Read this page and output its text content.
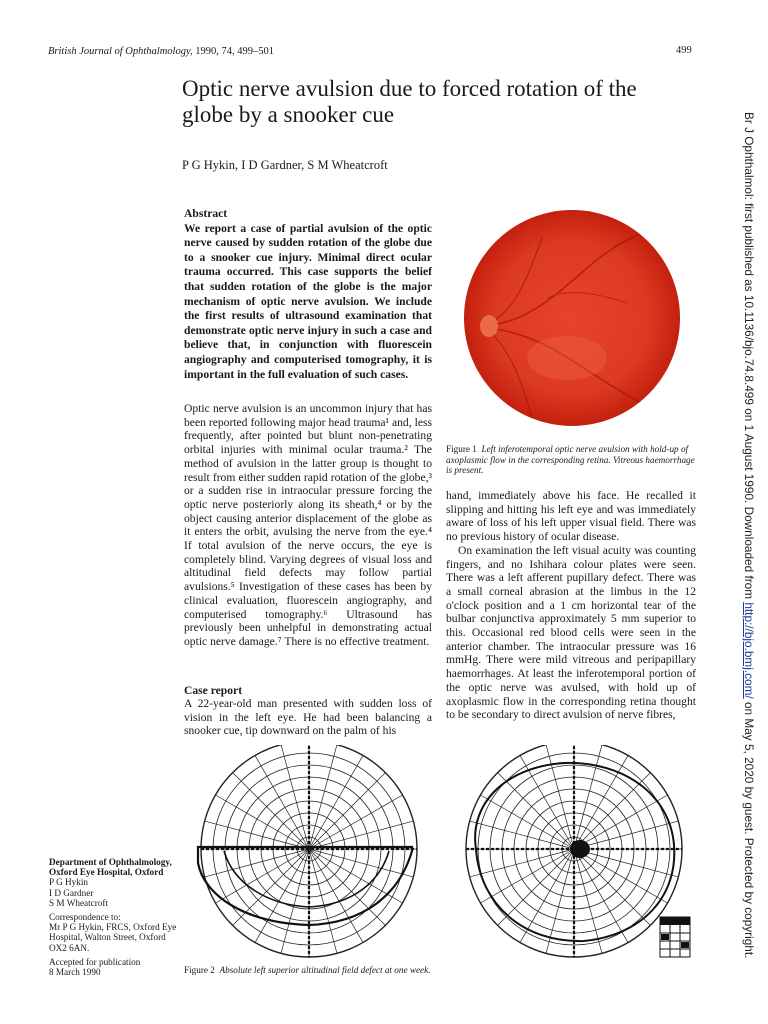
British Journal of Ophthalmology, 1990, 74, 499–501	499
Optic nerve avulsion due to forced rotation of the globe by a snooker cue
P G Hykin, I D Gardner, S M Wheatcroft
Abstract
We report a case of partial avulsion of the optic nerve caused by sudden rotation of the globe due to a snooker cue injury. Minimal direct ocular trauma occurred. This case supports the belief that sudden rotation of the globe is the major mechanism of optic nerve avulsion. We include the first results of ultrasound examination that demonstrate optic nerve injury in such a case and believe that, in conjunction with fluorescein angiography and computerised tomography, it is important in the full evaluation of such cases.

Optic nerve avulsion is an uncommon injury that has been reported following major head trauma¹ and, less frequently, after pointed but blunt non-penetrating orbital injuries with minimal ocular trauma.² The method of avulsion in the latter group is thought to result from either sudden rapid rotation of the globe,³ or a sudden rise in intraocular pressure forcing the optic nerve posteriorly along its sheath,⁴ or by the object causing anterior displacement of the globe as it enters the orbit, avulsing the nerve from the eye.⁴ If total avulsion of the nerve occurs, the eye is completely blind. Varying degrees of visual loss and altitudinal field defects may follow partial avulsions.⁵ Investigation of these cases has been by clinical evaluation, fluorescein angiography, and computerised tomography.⁶ Ultrasound has previously been unhelpful in demonstrating actual optic nerve damage.⁷ There is no effective treatment.

Case report

A 22-year-old man presented with sudden loss of vision in the left eye. He had been balancing a snooker cue, tip downward on the palm of his

Figure 1 Left inferotemporal optic nerve avulsion with hold-up of axoplasmic flow in the corresponding retina. Vitreous haemorrhage is present.

hand, immediately above his face. He recalled it slipping and hitting his left eye and was immediately aware of loss of his left upper visual field. There was no previous history of ocular disease.

On examination the left visual acuity was counting fingers, and no Ishihara colour plates were seen. There was a left afferent pupillary defect. There was a small corneal abrasion at the limbus in the 12 o'clock position and a 1 cm horizontal tear of the bulbar conjunctiva approximately 5 mm superior to this. Occasional red blood cells were seen in the anterior chamber. The intraocular pressure was 16 mmHg. There were mild vitreous and peripapillary haemorrhages. At least the inferotemporal portion of the optic nerve was avulsed, with hold up of axoplasmic flow in the corresponding retina thought to be secondary to direct avulsion of nerve fibres,

Figure 2 Absolute left superior altitudinal field defect at one week.
Department of Ophthalmology, Oxford Eye Hospital, Oxford
P G Hykin
I D Gardner
S M Wheatcroft
Correspondence to:
Mr P G Hykin, FRCS, Oxford Eye Hospital, Walton Street, Oxford OX2 6AN.
Accepted for publication
8 March 1990
Br J Ophthalmol: first published as 10.1136/bjo.74.8.499 on 1 August 1990. Downloaded from http://bjo.bmj.com/ on May 5, 2020 by guest. Protected by copyright.
